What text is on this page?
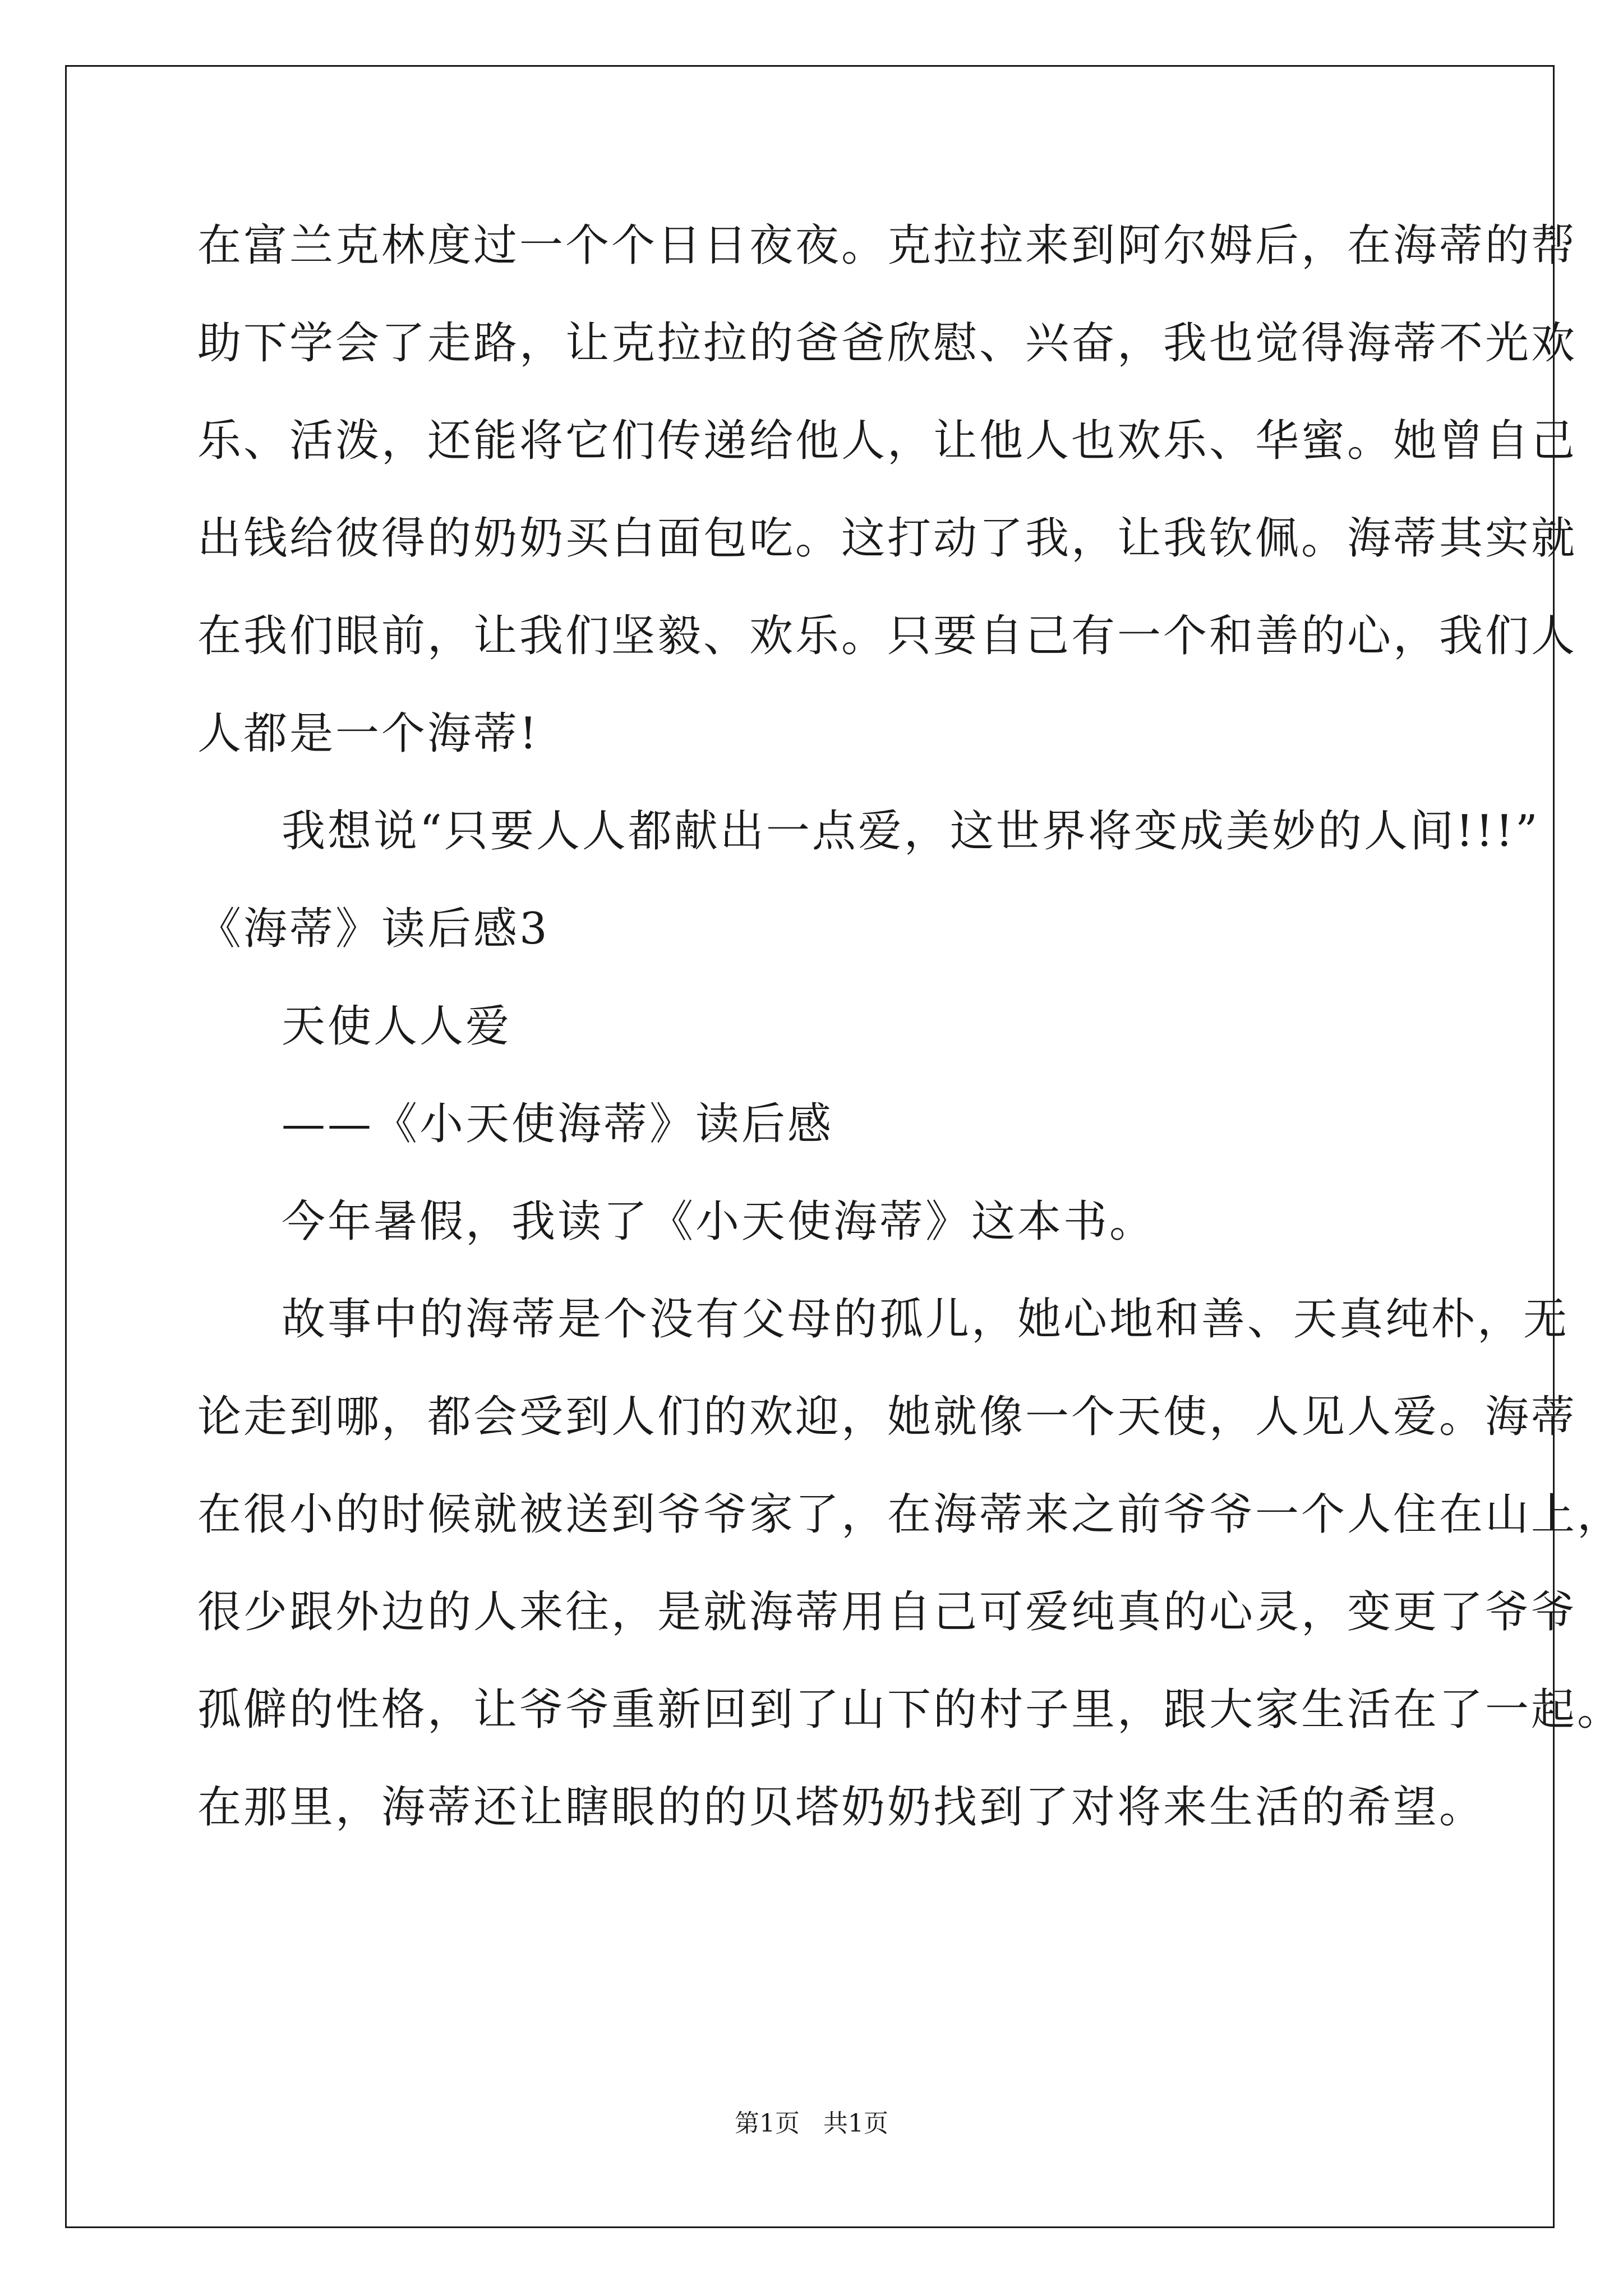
在富兰克林度过一个个日日夜夜。克拉拉来到阿尔姆后，在海蒂的帮
助下学会了走路，让克拉拉的爸爸欣慰、兴奋，我也觉得海蒂不光欢
乐、活泼，还能将它们传递给他人，让他人也欢乐、华蜜。她曾自己
出钱给彼得的奶奶买白面包吃。这打动了我，让我钦佩。海蒂其实就
在我们眼前，让我们坚毅、欢乐。只要自己有一个和善的心，我们人
人都是一个海蒂!
我想说“只要人人都献出一点爱，这世界将变成美妙的人间!!!”
《海蒂》读后感3
天使人人爱
——《小天使海蒂》读后感
今年暑假，我读了《小天使海蒂》这本书。
故事中的海蒂是个没有父母的孤儿，她心地和善、天真纯朴，无
论走到哪，都会受到人们的欢迎，她就像一个天使，人见人爱。海蒂
在很小的时候就被送到爷爷家了，在海蒂来之前爷爷一个人住在山上，
很少跟外边的人来往，是就海蒂用自己可爱纯真的心灵，变更了爷爷
孤僻的性格，让爷爷重新回到了山下的村子里，跟大家生活在了一起。
在那里，海蒂还让瞎眼的的贝塔奶奶找到了对将来生活的希望。
第1页   共1页
